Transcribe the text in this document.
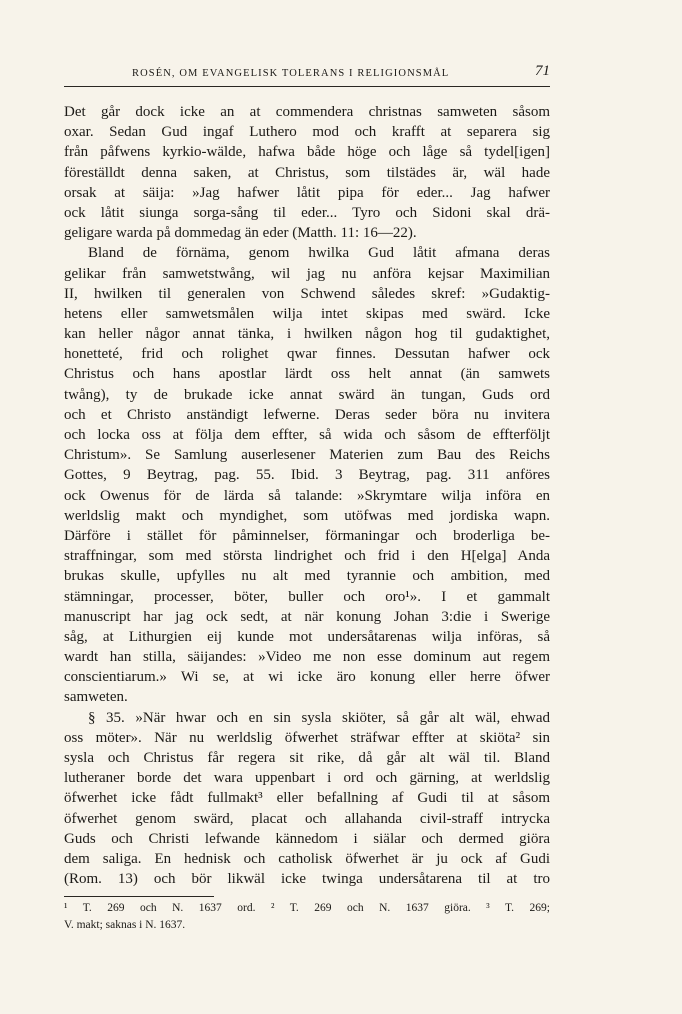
ROSÉN, OM EVANGELISK TOLERANS I RELIGIONSMÅL	71
Det går dock icke an at commendera christnas samweten såsom
oxar. Sedan Gud ingaf Luthero mod och krafft at separera sig
från påfwens kyrkio-wälde, hafwa både höge och låge så tydel[igen]
föreställdt denna saken, at Christus, som tilstädes är, wäl hade
orsak at säija: »Jag hafwer låtit pipa för eder... Jag hafwer
ock låtit siunga sorga-sång til eder... Tyro och Sidoni skal drä-
geligare warda på dommedag än eder (Matth. 11: 16—22).
Bland de förnäma, genom hwilka Gud låtit afmana deras
gelikar från samwetstwång, wil jag nu anföra kejsar Maximilian
II, hwilken til generalen von Schwend således skref: »Gudaktig-
hetens eller samwetsmålen wilja intet skipas med swärd. Icke
kan heller någor annat tänka, i hwilken någon hog til gudaktighet,
honetteté, frid och rolighet qwar finnes. Dessutan hafwer ock
Christus och hans apostlar lärdt oss helt annat (än samwets
twång), ty de brukade icke annat swärd än tungan, Guds ord
och et Christo anständigt lefwerne. Deras seder böra nu invitera
och locka oss at följa dem effter, så wida och såsom de effterföljt
Christum». Se Samlung auserlesener Materien zum Bau des Reichs
Gottes, 9 Beytrag, pag. 55. Ibid. 3 Beytrag, pag. 311 anföres
ock Owenus för de lärda så talande: »Skrymtare wilja införa en
werldslig makt och myndighet, som utöfwas med jordiska wapn.
Därföre i stället för påminnelser, förmaningar och broderliga be-
straffningar, som med största lindrighet och frid i den H[elga] Anda
brukas skulle, upfylles nu alt med tyrannie och ambition, med
stämningar, processer, böter, buller och oro¹». I et gammalt
manuscript har jag ock sedt, at när konung Johan 3:die i Swerige
såg, at Lithurgien eij kunde mot undersåtarenas wilja införas, så
wardt han stilla, säijandes: »Video me non esse dominum aut regem
conscientiarum.» Wi se, at wi icke äro konung eller herre öfwer
samweten.
§ 35. »När hwar och en sin sysla skiöter, så går alt wäl, ehwad
oss möter». När nu werldslig öfwerhet sträfwar effter at skiöta² sin
sysla och Christus får regera sit rike, då går alt wäl til. Bland
lutheraner borde det wara uppenbart i ord och gärning, at werldslig
öfwerhet icke fådt fullmakt³ eller befallning af Gudi til at såsom
öfwerhet genom swärd, placat och allahanda civil-straff intrycka
Guds och Christi lefwande kännedom i siälar och dermed giöra
dem saliga. En hednisk och catholisk öfwerhet är ju ock af Gudi
(Rom. 13) och bör likwäl icke twinga undersåtarena til at tro
¹ T. 269 och N. 1637 ord. ² T. 269 och N. 1637 giöra. ³ T. 269;
V. makt; saknas i N. 1637.
